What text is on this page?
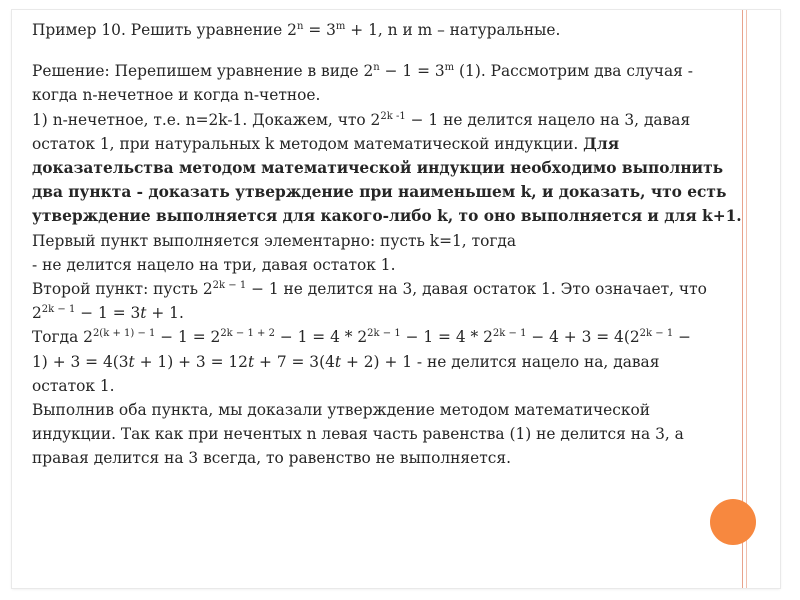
Пример 10. Решить уравнение $2^n = 3^m + 1$, n и m – натуральные.
Решение: Перепишем уравнение в виде $2^n - 1 = 3^m$ (1). Рассмотрим два случая -
когда n-нечетное и когда n-четное.
1) n-нечетное, т.е. n=2k-1. Докажем, что $2^{2k -1} - 1$ не делится нацело на 3, давая
остаток 1, при натуральных k методом математической индукции. Для
доказательства методом математической индукции необходимо выполнить
два пункта - доказать утверждение при наименьшем k, и доказать, что есть
утверждение выполняется для какого-либо k, то оно выполняется и для k+1.
Первый пункт выполняется элементарно: пусть k=1, тогда
- не делится нацело на три, давая остаток 1.
Второй пункт: пусть $2^{2k - 1} - 1$ не делится на 3, давая остаток 1. Это означает, что
$2^{2k - 1} - 1 = 3t + 1$.
Тогда $2^{2(k + 1) - 1} - 1 = 2^{2k - 1 + 2} - 1 = 4 * 2^{2k - 1} - 1 = 4 * 2^{2k - 1} - 4 + 3 = 4(2^{2k - 1}$ −
1) + 3 = 4(3t + 1) + 3 = 12t + 7 = 3(4t + 2) + 1 - не делится нацело на, давая
остаток 1.
Выполнив оба пункта, мы доказали утверждение методом математической
индукции. Так как при нечентых n левая часть равенства (1) не делится на 3, а
правая делится на 3 всегда, то равенство не выполняется.
